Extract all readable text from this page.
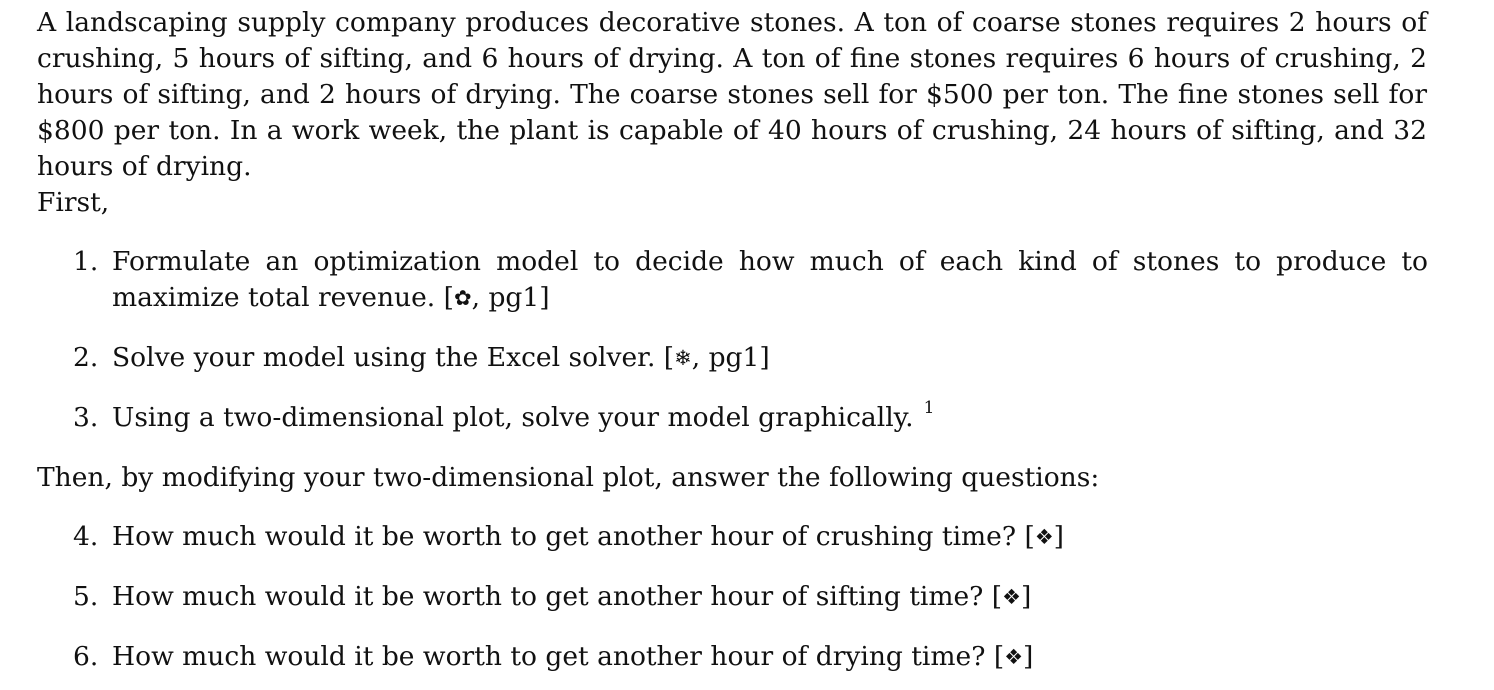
A landscaping supply company produces decorative stones. A ton of coarse stones requires 2 hours of crushing, 5 hours of sifting, and 6 hours of drying. A ton of fine stones requires 6 hours of crushing, 2 hours of sifting, and 2 hours of drying. The coarse stones sell for $500 per ton. The fine stones sell for $800 per ton. In a work week, the plant is capable of 40 hours of crushing, 24 hours of sifting, and 32 hours of drying.

First,

1. Formulate an optimization model to decide how much of each kind of stones to produce to maximize total revenue. [✿, pg1]
2. Solve your model using the Excel solver. [❄, pg1]
3. Using a two-dimensional plot, solve your model graphically. $^1$

Then, by modifying your two-dimensional plot, answer the following questions:

4. How much would it be worth to get another hour of crushing time? [❖]
5. How much would it be worth to get another hour of sifting time? [❖]
6. How much would it be worth to get another hour of drying time? [❖]
